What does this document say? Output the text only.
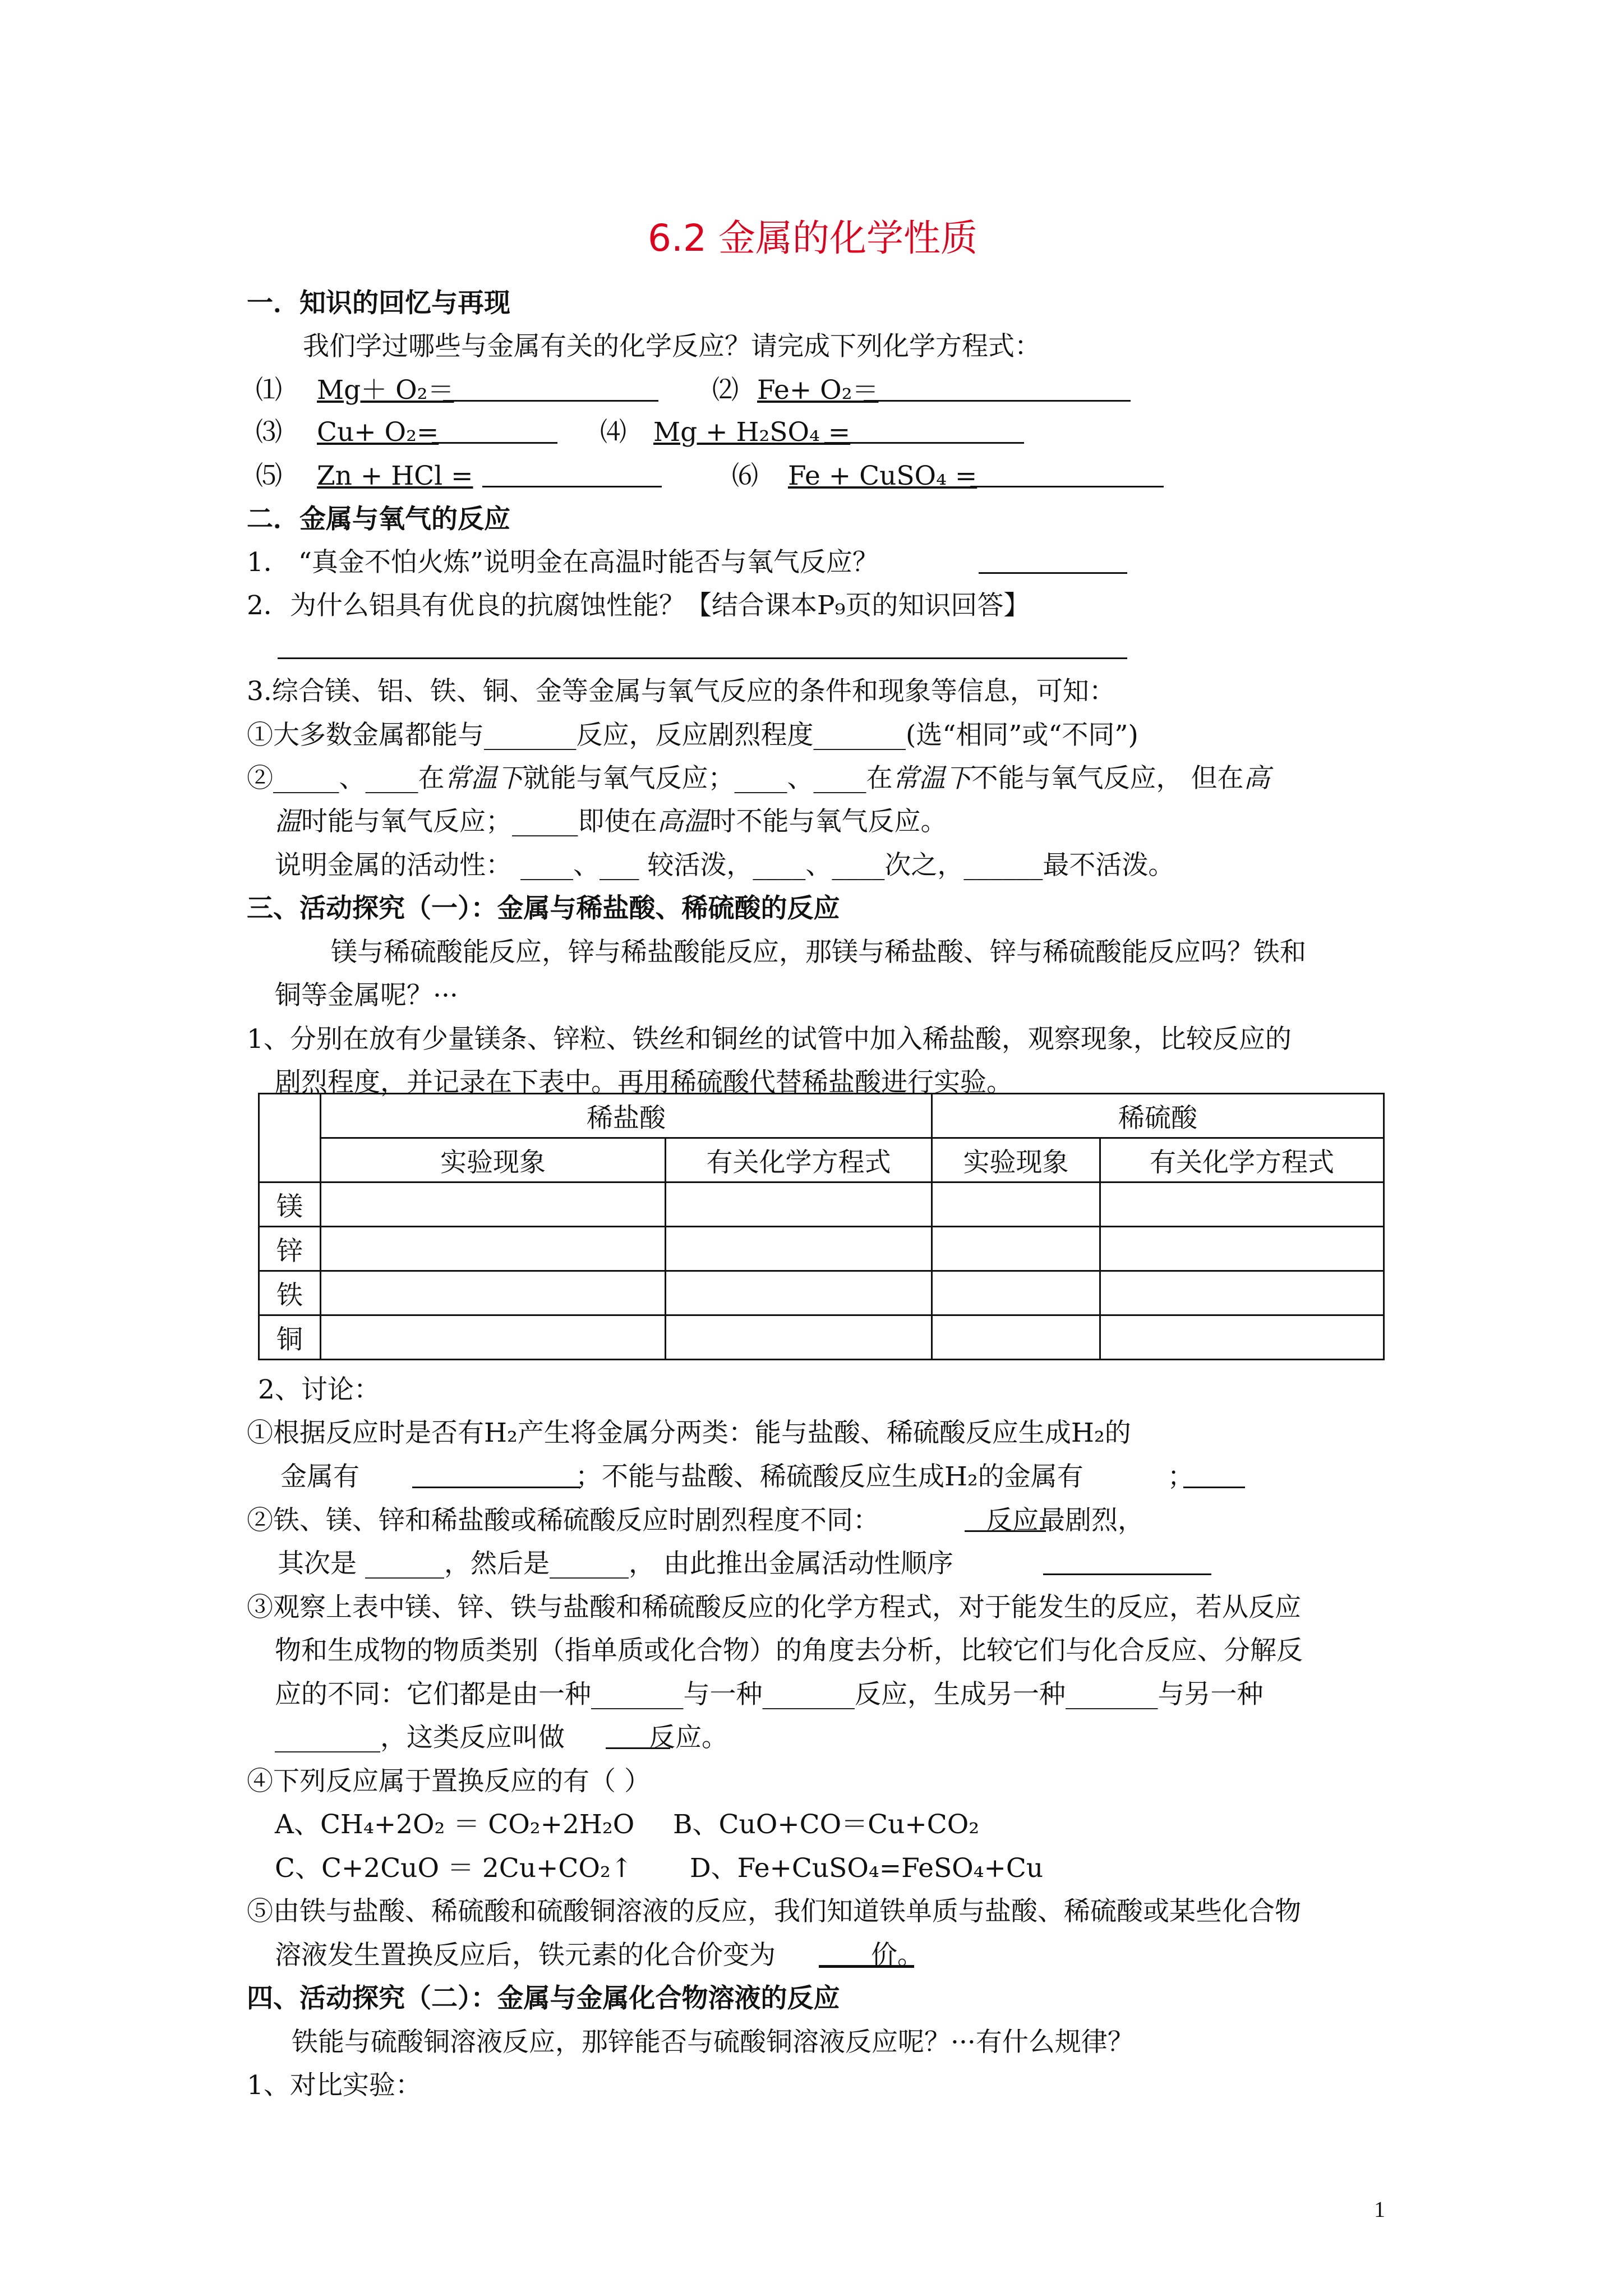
6.2 金属的化学性质
一．知识的回忆与再现
我们学过哪些与金属有关的化学反应？请完成下列化学方程式：
⑴ Mg＋ O₂＝	⑵ Fe+ O₂＝
⑶ Cu+ O₂=	⑷ Mg + H₂SO₄ =
⑸ Zn + HCl =	⑹ Fe + CuSO₄ =
二．金属与氧气的反应
1． “真金不怕火炼”说明金在高温时能否与氧气反应？
2．为什么铝具有优良的抗腐蚀性能？【结合课本P₉页的知识回答】
3.综合镁、铝、铁、铜、金等金属与氧气反应的条件和现象等信息，可知：
①大多数金属都能与_______反应，反应剧烈程度_______(选“相同”或“不同”)
②_____、____在常温下就能与氧气反应；____、____在常温下不能与氧气反应， 但在高
温时能与氧气反应；_____即使在高温时不能与氧气反应。
说明金属的活动性： ____、___ 较活泼，____、____次之，______最不活泼。
三、活动探究（一）：金属与稀盐酸、稀硫酸的反应
镁与稀硫酸能反应，锌与稀盐酸能反应，那镁与稀盐酸、锌与稀硫酸能反应吗？铁和
铜等金属呢？···
1、分别在放有少量镁条、锌粒、铁丝和铜丝的试管中加入稀盐酸，观察现象，比较反应的
剧烈程度，并记录在下表中。再用稀硫酸代替稀盐酸进行实验。
	稀盐酸		稀硫酸	
	实验现象	有关化学方程式	实验现象	有关化学方程式
镁				
锌				
铁				
铜				
2、讨论：
①根据反应时是否有H₂产生将金属分两类：能与盐酸、稀硫酸反应生成H₂的
金属有	；不能与盐酸、稀硫酸反应生成H₂的金属有	；
②铁、镁、锌和稀盐酸或稀硫酸反应时剧烈程度不同：	反应最剧烈，
其次是 ______，然后是______， 由此推出金属活动性顺序
③观察上表中镁、锌、铁与盐酸和稀硫酸反应的化学方程式，对于能发生的反应，若从反应
物和生成物的物质类别（指单质或化合物）的角度去分析，比较它们与化合反应、分解反
应的不同：它们都是由一种_______与一种_______反应，生成另一种_______与另一种
________，这类反应叫做	反应。
④下列反应属于置换反应的有（ ）
A、CH₄+2O₂ ＝ CO₂+2H₂O B、CuO+CO＝Cu+CO₂
C、C+2CuO ＝ 2Cu+CO₂↑ D、Fe+CuSO₄=FeSO₄+Cu
⑤由铁与盐酸、稀硫酸和硫酸铜溶液的反应，我们知道铁单质与盐酸、稀硫酸或某些化合物
溶液发生置换反应后，铁元素的化合价变为	价。
四、活动探究（二）：金属与金属化合物溶液的反应
铁能与硫酸铜溶液反应，那锌能否与硫酸铜溶液反应呢？···有什么规律？
1、对比实验：
1
